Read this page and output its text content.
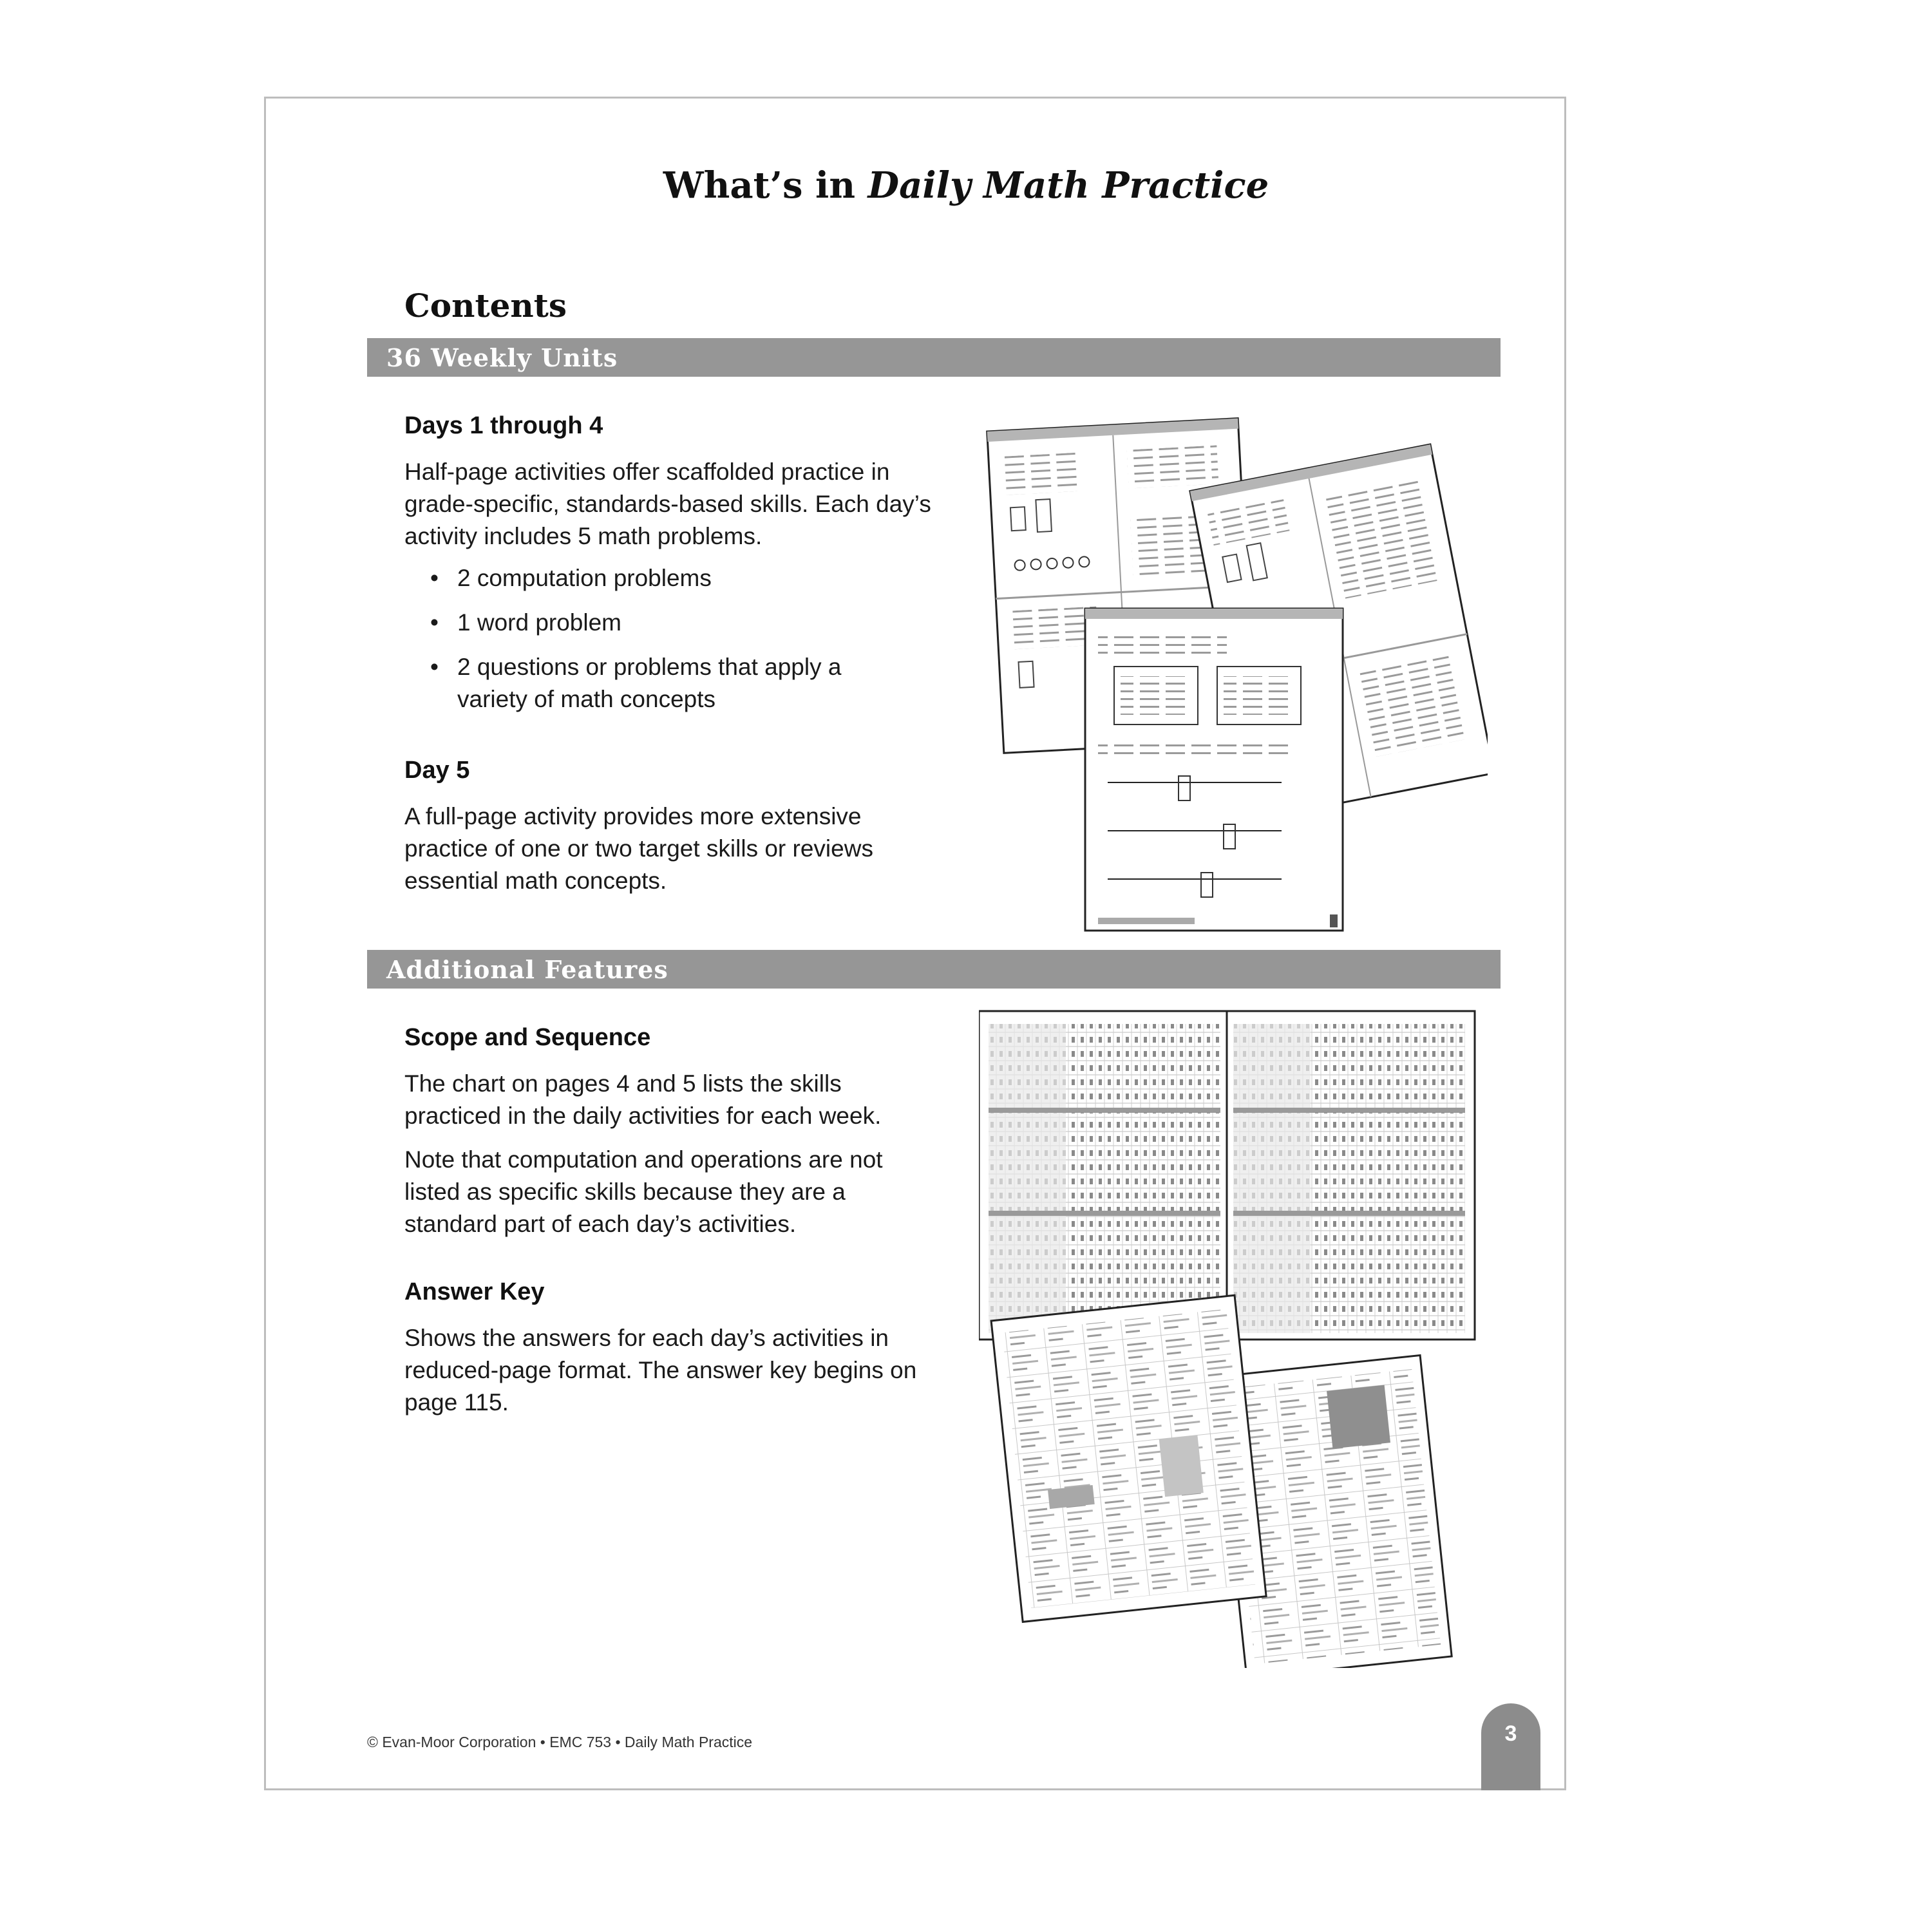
What’s in Daily Math Practice
Contents
36 Weekly Units
Days 1 through 4

Half-page activities offer scaffolded practice in grade-specific, standards-based skills. Each day’s activity includes 5 math problems.

• 2 computation problems
• 1 word problem
• 2 questions or problems that apply a variety of math concepts
Day 5

A full-page activity provides more extensive practice of one or two target skills or reviews essential math concepts.

Additional Features
Scope and Sequence

The chart on pages 4 and 5 lists the skills practiced in the daily activities for each week.

Note that computation and operations are not listed as specific skills because they are a standard part of each day’s activities.

Answer Key

Shows the answers for each day’s activities in reduced-page format. The answer key begins on page 115.

© Evan-Moor Corporation • EMC 753 • Daily Math Practice	3
